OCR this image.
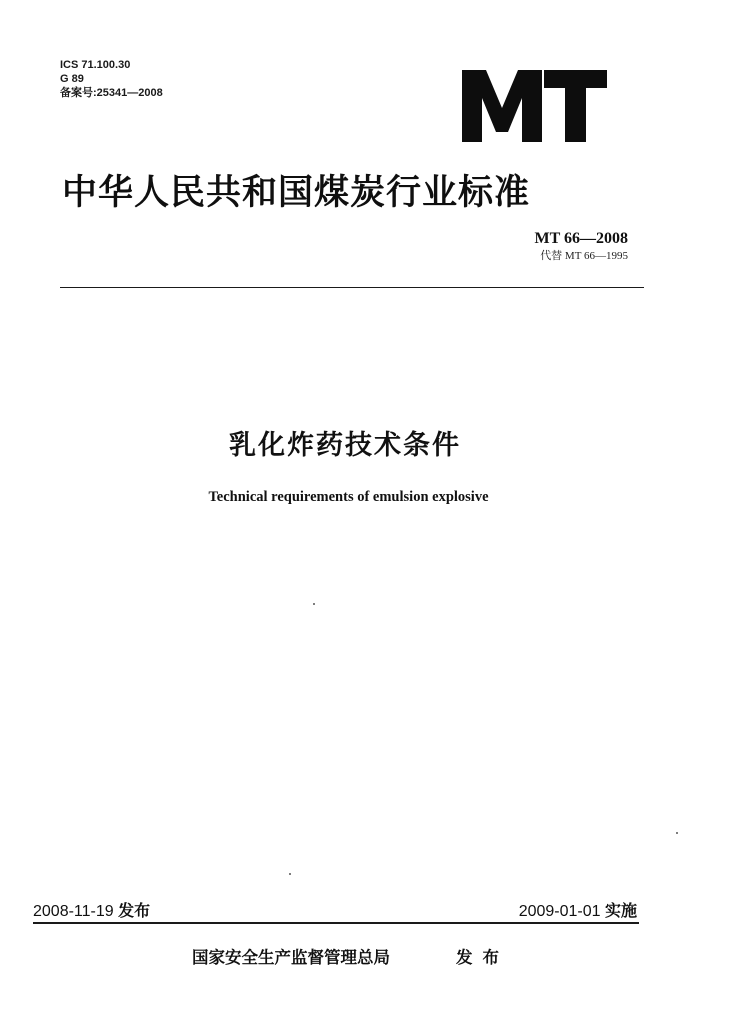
ICS 71.100.30
G 89
备案号:25341—2008
中华人民共和国煤炭行业标准
MT 66—2008
代替 MT 66—1995
乳化炸药技术条件
Technical requirements of emulsion explosive
2008-11-19 发布	2009-01-01 实施
国家安全生产监督管理总局	发布
